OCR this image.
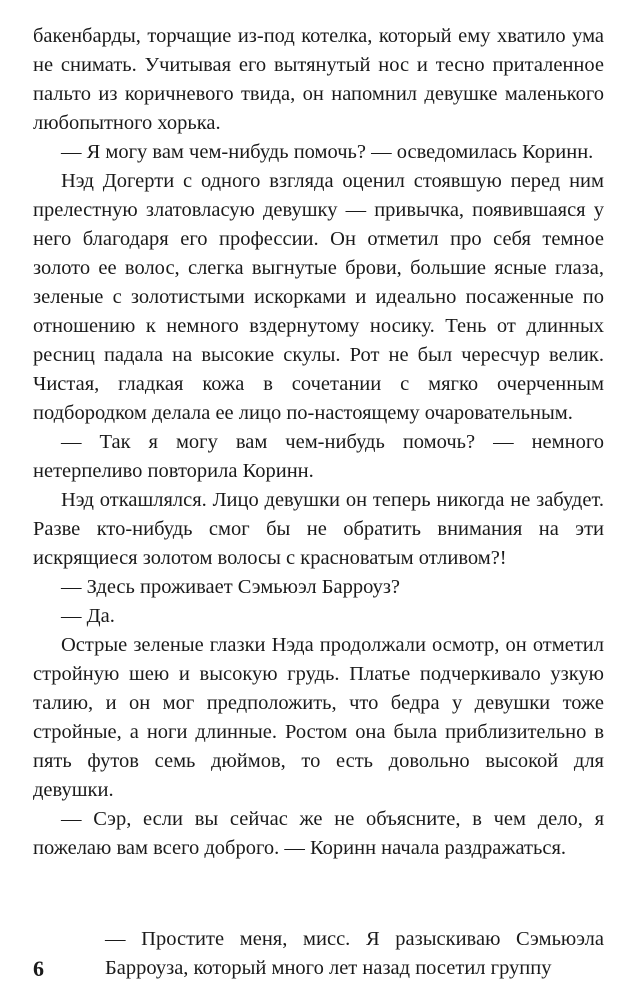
бакенбарды, торчащие из-под котелка, который ему хватило ума не снимать. Учитывая его вытянутый нос и тесно приталенное пальто из коричневого твида, он напомнил девушке маленького любопытного хорька.

— Я могу вам чем-нибудь помочь? — осведомилась Коринн.

Нэд Догерти с одного взгляда оценил стоявшую перед ним прелестную златовласую девушку — привычка, появившаяся у него благодаря его профессии. Он отметил про себя темное золото ее волос, слегка выгнутые брови, большие ясные глаза, зеленые с золотистыми искорками и идеально посаженные по отношению к немного вздернутому носику. Тень от длинных ресниц падала на высокие скулы. Рот не был чересчур велик. Чистая, гладкая кожа в сочетании с мягко очерченным подбородком делала ее лицо по-настоящему очаровательным.

— Так я могу вам чем-нибудь помочь? — немного нетерпеливо повторила Коринн.

Нэд откашлялся. Лицо девушки он теперь никогда не забудет. Разве кто-нибудь смог бы не обратить внимания на эти искрящиеся золотом волосы с красноватым отливом?!

— Здесь проживает Сэмьюэл Барроуз?

— Да.

Острые зеленые глазки Нэда продолжали осмотр, он отметил стройную шею и высокую грудь. Платье подчеркивало узкую талию, и он мог предположить, что бедра у девушки тоже стройные, а ноги длинные. Ростом она была приблизительно в пять футов семь дюймов, то есть довольно высокой для девушки.

— Сэр, если вы сейчас же не объясните, в чем дело, я пожелаю вам всего доброго. — Коринн начала раздражаться.

6

— Простите меня, мисс. Я разыскиваю Сэмьюэла Барроуза, который много лет назад посетил группу
